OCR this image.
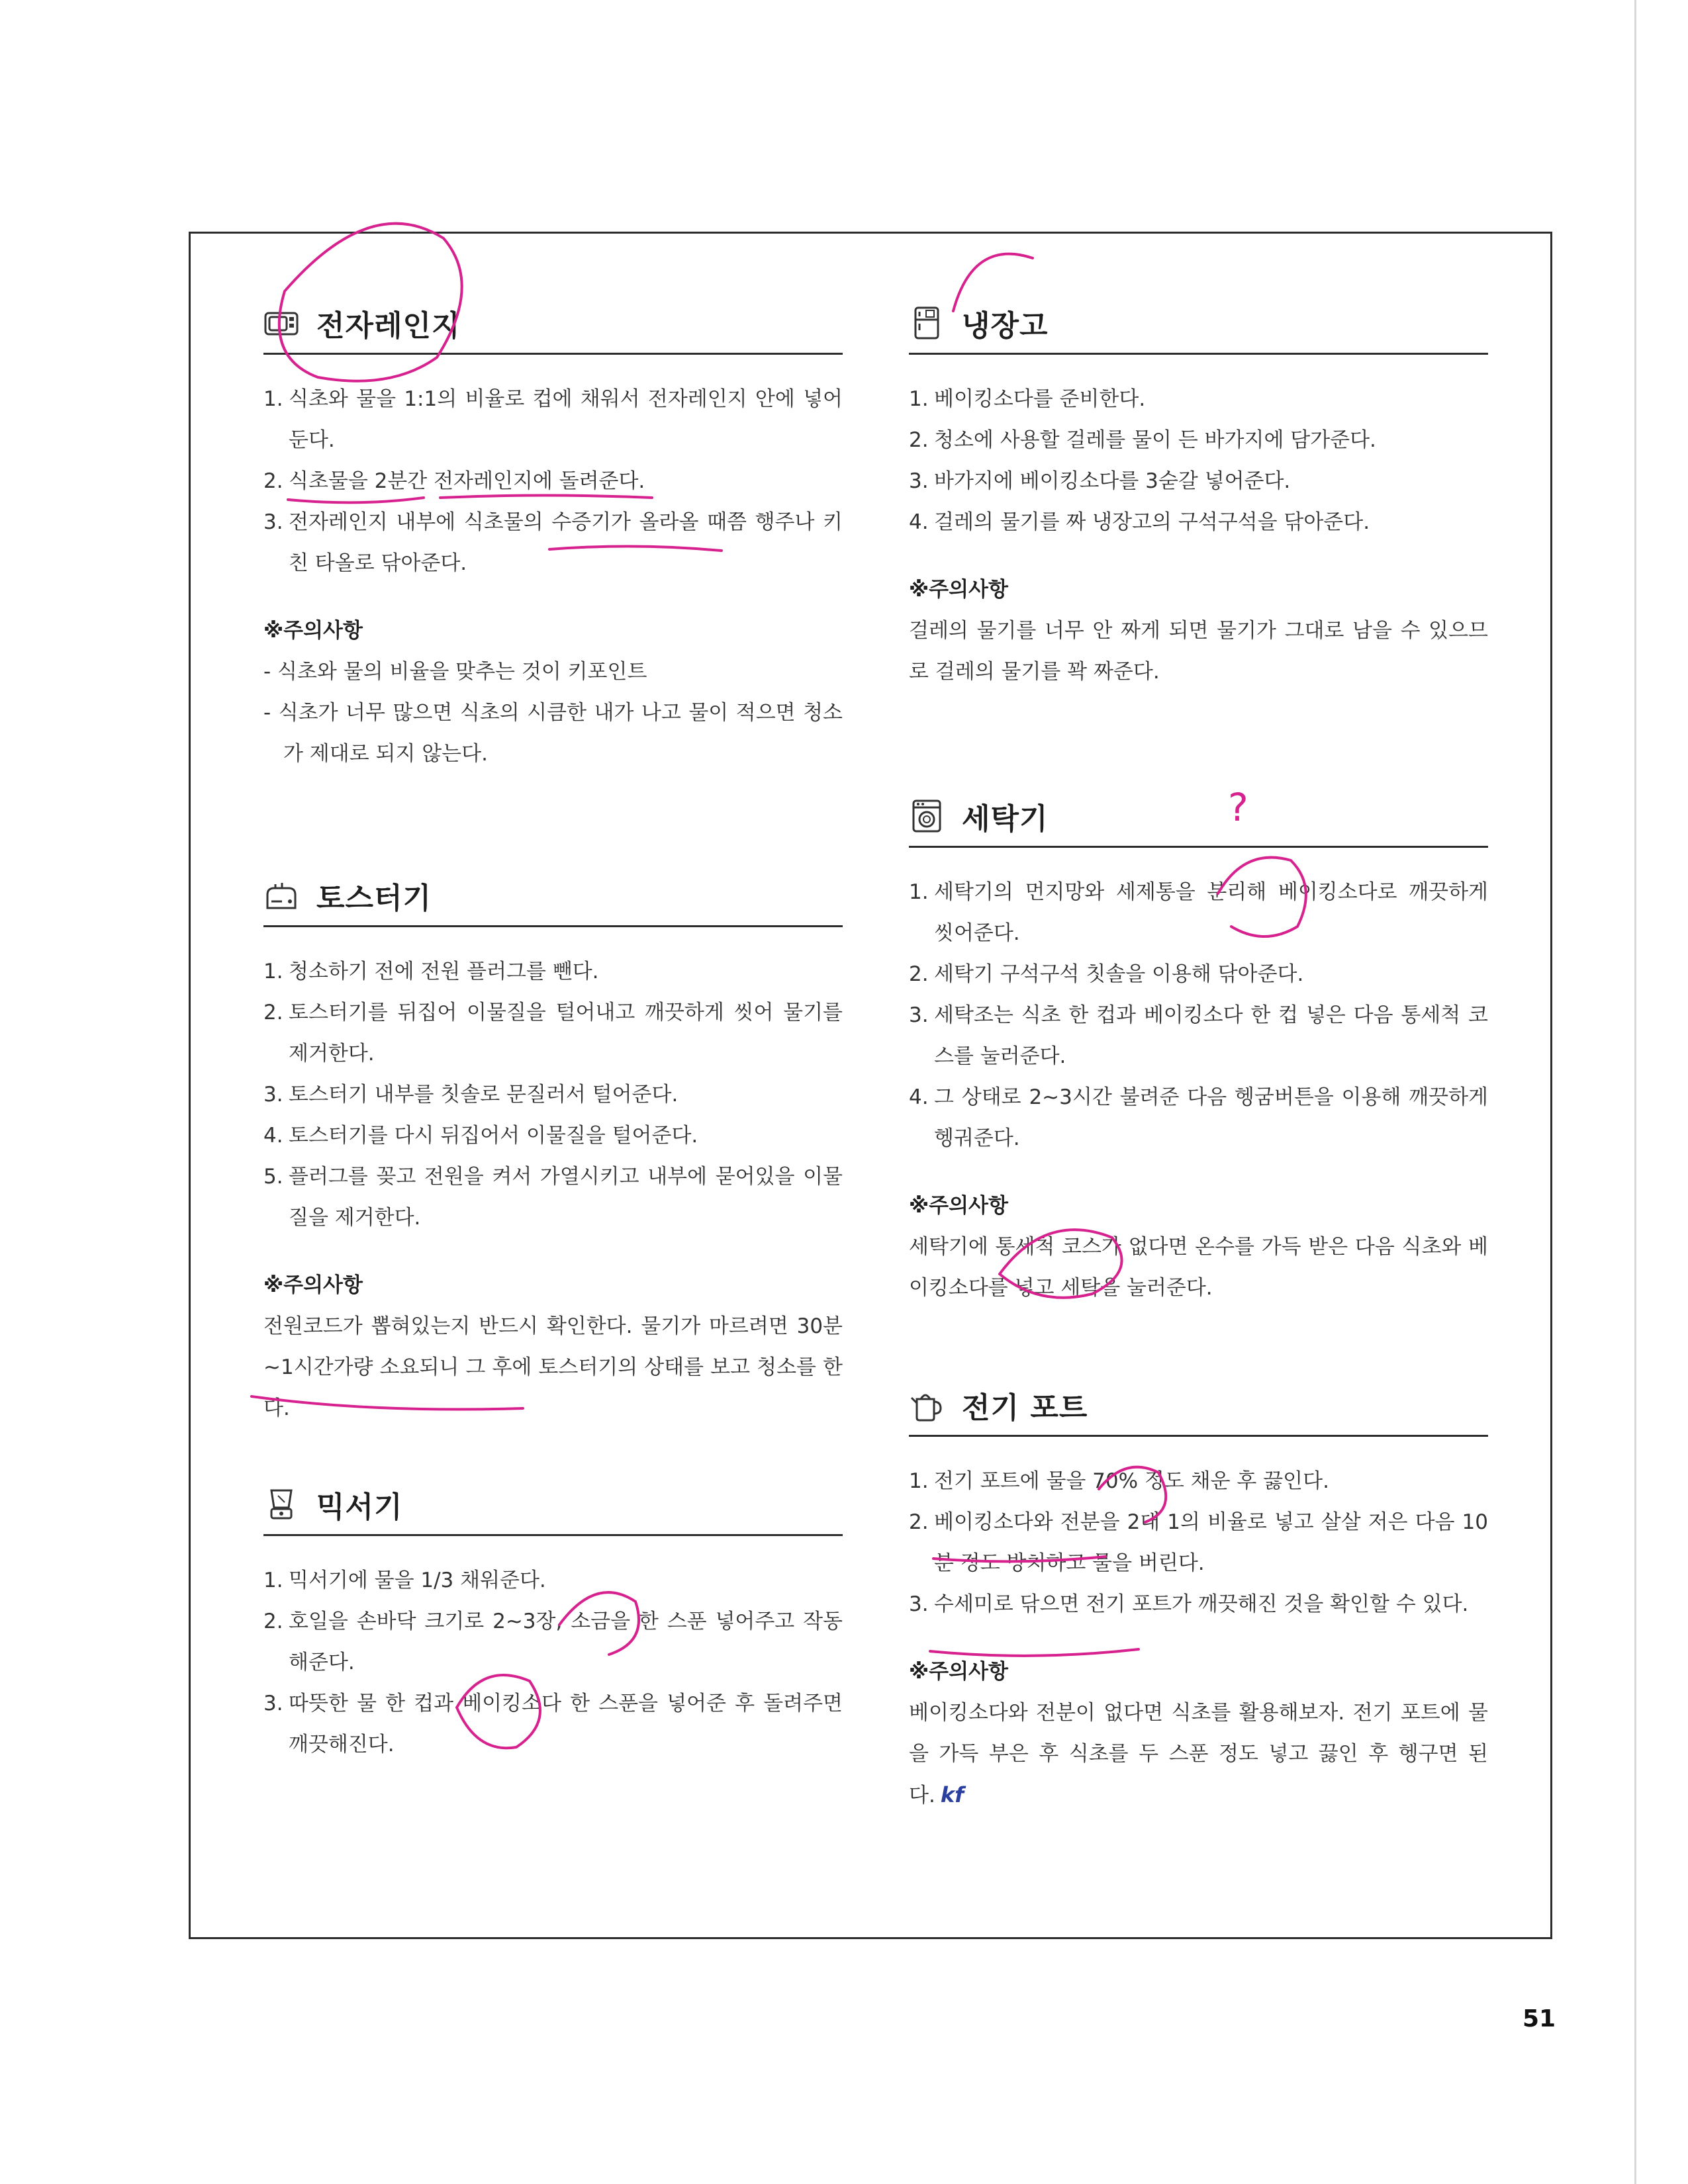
전자레인지
1. 식초와 물을 1:1의 비율로 컵에 채워서 전자레인지 안에 넣어둔다.
2. 식초물을 2분간 전자레인지에 돌려준다.
3. 전자레인지 내부에 식초물의 수증기가 올라올 때쯤 행주나 키친 타올로 닦아준다.
※주의사항
- 식초와 물의 비율을 맞추는 것이 키포인트
- 식초가 너무 많으면 식초의 시큼한 내가 나고 물이 적으면 청소가 제대로 되지 않는다.
토스터기
1. 청소하기 전에 전원 플러그를 뺀다.
2. 토스터기를 뒤집어 이물질을 털어내고 깨끗하게 씻어 물기를 제거한다.
3. 토스터기 내부를 칫솔로 문질러서 털어준다.
4. 토스터기를 다시 뒤집어서 이물질을 털어준다.
5. 플러그를 꽂고 전원을 켜서 가열시키고 내부에 묻어있을 이물질을 제거한다.
※주의사항
전원코드가 뽑혀있는지 반드시 확인한다. 물기가 마르려면 30분~1시간가량 소요되니 그 후에 토스터기의 상태를 보고 청소를 한다.
믹서기
1. 믹서기에 물을 1/3 채워준다.
2. 호일을 손바닥 크기로 2~3장, 소금을 한 스푼 넣어주고 작동해준다.
3. 따뜻한 물 한 컵과 베이킹소다 한 스푼을 넣어준 후 돌려주면 깨끗해진다.
냉장고
1. 베이킹소다를 준비한다.
2. 청소에 사용할 걸레를 물이 든 바가지에 담가준다.
3. 바가지에 베이킹소다를 3숟갈 넣어준다.
4. 걸레의 물기를 짜 냉장고의 구석구석을 닦아준다.
※주의사항
걸레의 물기를 너무 안 짜게 되면 물기가 그대로 남을 수 있으므로 걸레의 물기를 꽉 짜준다.
세탁기
1. 세탁기의 먼지망와 세제통을 분리해 베이킹소다로 깨끗하게 씻어준다.
2. 세탁기 구석구석 칫솔을 이용해 닦아준다.
3. 세탁조는 식초 한 컵과 베이킹소다 한 컵 넣은 다음 통세척 코스를 눌러준다.
4. 그 상태로 2~3시간 불려준 다음 헹굼버튼을 이용해 깨끗하게 헹궈준다.
※주의사항
세탁기에 통세척 코스가 없다면 온수를 가득 받은 다음 식초와 베이킹소다를 넣고 세탁을 눌러준다.
전기 포트
1. 전기 포트에 물을 70% 정도 채운 후 끓인다.
2. 베이킹소다와 전분을 2대 1의 비율로 넣고 살살 저은 다음 10분 정도 방치하고 물을 버린다.
3. 수세미로 닦으면 전기 포트가 깨끗해진 것을 확인할 수 있다.
※주의사항
베이킹소다와 전분이 없다면 식초를 활용해보자. 전기 포트에 물을 가득 부은 후 식초를 두 스푼 정도 넣고 끓인 후 헹구면 된다. kf
51
?
